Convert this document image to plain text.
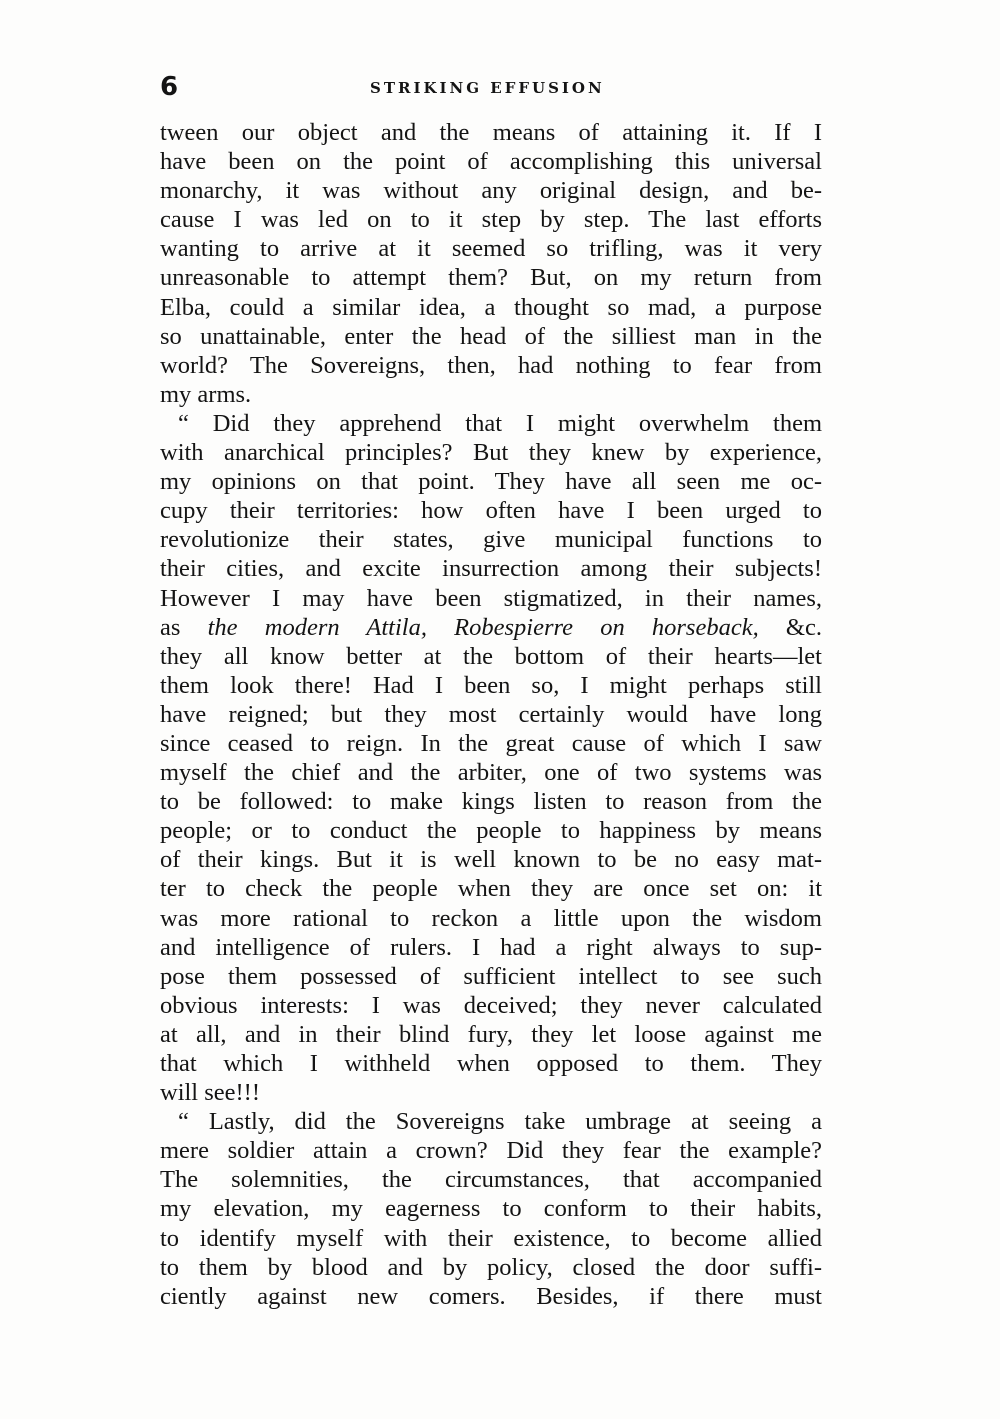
6	STRIKING EFFUSION
tween our object and the means of attaining it. If I
have been on the point of accomplishing this universal
monarchy, it was without any original design, and be-
cause I was led on to it step by step. The last efforts
wanting to arrive at it seemed so trifling, was it very
unreasonable to attempt them? But, on my return from
Elba, could a similar idea, a thought so mad, a purpose
so unattainable, enter the head of the silliest man in the
world? The Sovereigns, then, had nothing to fear from
my arms.
“ Did they apprehend that I might overwhelm them
with anarchical principles? But they knew by experience,
my opinions on that point. They have all seen me oc-
cupy their territories: how often have I been urged to
revolutionize their states, give municipal functions to
their cities, and excite insurrection among their subjects!
However I may have been stigmatized, in their names,
as the modern Attila, Robespierre on horseback, &c.
they all know better at the bottom of their hearts—let
them look there! Had I been so, I might perhaps still
have reigned; but they most certainly would have long
since ceased to reign. In the great cause of which I saw
myself the chief and the arbiter, one of two systems was
to be followed: to make kings listen to reason from the
people; or to conduct the people to happiness by means
of their kings. But it is well known to be no easy mat-
ter to check the people when they are once set on: it
was more rational to reckon a little upon the wisdom
and intelligence of rulers. I had a right always to sup-
pose them possessed of sufficient intellect to see such
obvious interests: I was deceived; they never calculated
at all, and in their blind fury, they let loose against me
that which I withheld when opposed to them. They
will see!!!
“ Lastly, did the Sovereigns take umbrage at seeing a
mere soldier attain a crown? Did they fear the example?
The solemnities, the circumstances, that accompanied
my elevation, my eagerness to conform to their habits,
to identify myself with their existence, to become allied
to them by blood and by policy, closed the door suffi-
ciently against new comers. Besides, if there must
